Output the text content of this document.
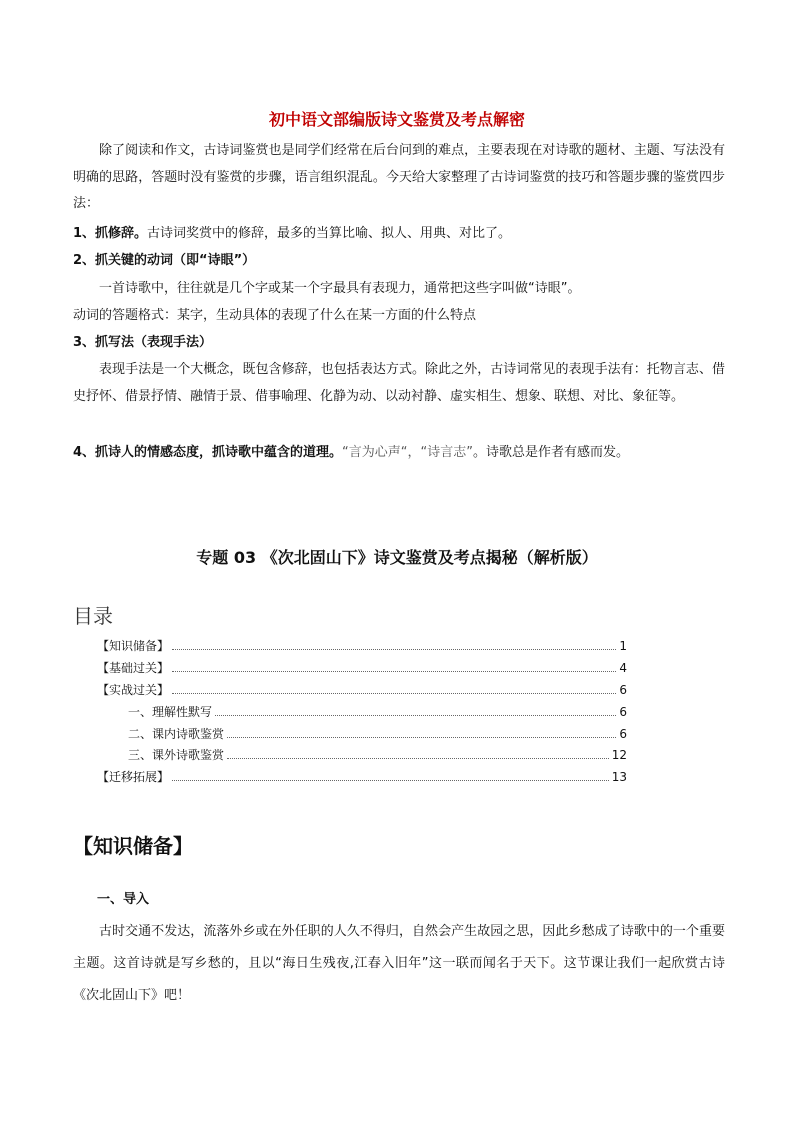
初中语文部编版诗文鉴赏及考点解密

除了阅读和作文，古诗词鉴赏也是同学们经常在后台问到的难点，主要表现在对诗歌的题材、主题、写法没有明确的思路，答题时没有鉴赏的步骤，语言组织混乱。今天给大家整理了古诗词鉴赏的技巧和答题步骤的鉴赏四步法：

1、抓修辞。古诗词奖赏中的修辞，最多的当算比喻、拟人、用典、对比了。
2、抓关键的动词（即“诗眼”）
一首诗歌中，往往就是几个字或某一个字最具有表现力，通常把这些字叫做“诗眼”。
动词的答题格式：某字，生动具体的表现了什么在某一方面的什么特点
3、抓写法（表现手法）

表现手法是一个大概念，既包含修辞，也包括表达方式。除此之外，古诗词常见的表现手法有：托物言志、借史抒怀、借景抒情、融情于景、借事喻理、化静为动、以动衬静、虚实相生、想象、联想、对比、象征等。

4、抓诗人的情感态度，抓诗歌中蕴含的道理。“言为心声“，“诗言志”。诗歌总是作者有感而发。
专题 03 《次北固山下》诗文鉴赏及考点揭秘（解析版）
目录
【知识储备】	1
【基础过关】	4
【实战过关】	6
一、理解性默写	6
二、课内诗歌鉴赏	6
三、课外诗歌鉴赏	12
【迁移拓展】	13
【知识储备】
一、导入

古时交通不发达，流落外乡或在外任职的人久不得归，自然会产生故园之思，因此乡愁成了诗歌中的一个重要主题。这首诗就是写乡愁的，且以“海日生残夜,江春入旧年”这一联而闻名于天下。这节课让我们一起欣赏古诗《次北固山下》吧！
